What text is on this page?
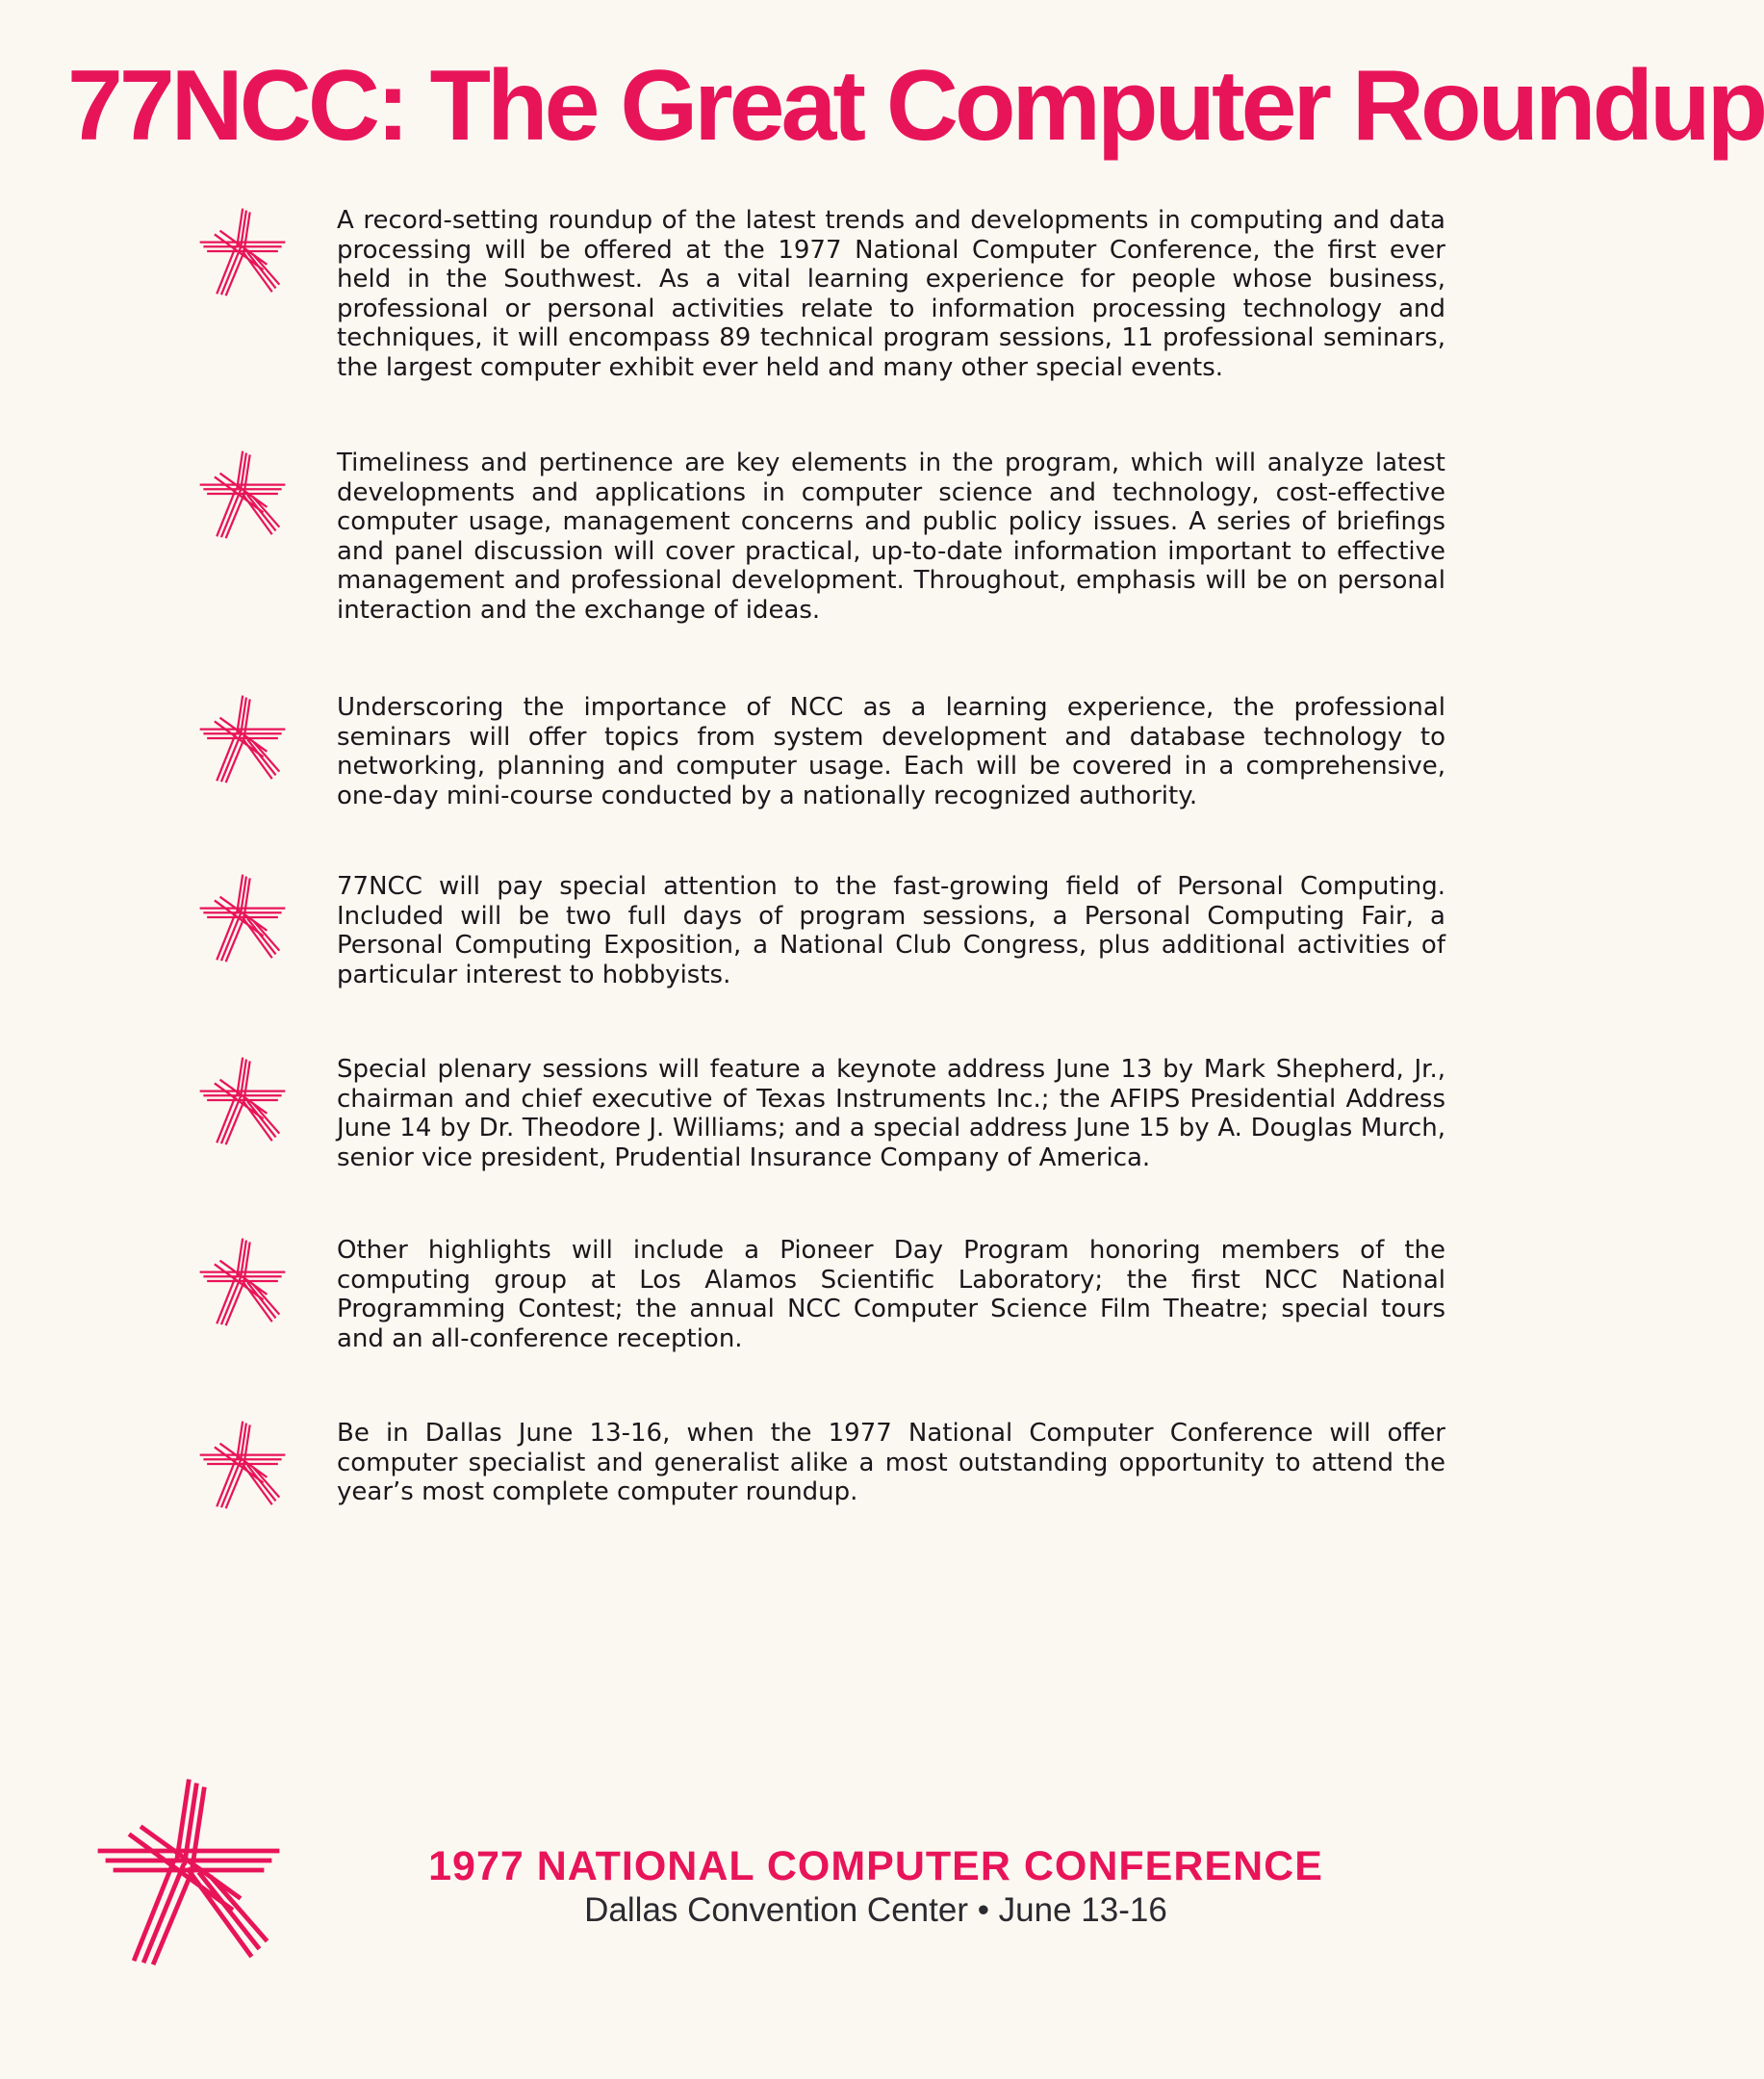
77NCC: The Great Computer Roundup

A record-setting roundup of the latest trends and developments in computing and data processing will be offered at the 1977 National Computer Conference, the first ever held in the Southwest. As a vital learning experience for people whose business, professional or personal activities relate to information processing technology and techniques, it will encompass 89 technical program sessions, 11 professional seminars, the largest computer exhibit ever held and many other special events.

Timeliness and pertinence are key elements in the program, which will analyze latest developments and applications in computer science and technology, cost-effective computer usage, management concerns and public policy issues. A series of briefings and panel discussion will cover practical, up-to-date information important to effective management and professional development. Throughout, emphasis will be on personal interaction and the exchange of ideas.

Underscoring the importance of NCC as a learning experience, the professional seminars will offer topics from system development and database technology to networking, planning and computer usage. Each will be covered in a comprehensive, one-day mini-course conducted by a nationally recognized authority.

77NCC will pay special attention to the fast-growing field of Personal Computing. Included will be two full days of program sessions, a Personal Computing Fair, a Personal Computing Exposition, a National Club Congress, plus additional activities of particular interest to hobbyists.

Special plenary sessions will feature a keynote address June 13 by Mark Shepherd, Jr., chairman and chief executive of Texas Instruments Inc.; the AFIPS Presidential Address June 14 by Dr. Theodore J. Williams; and a special address June 15 by A. Douglas Murch, senior vice president, Prudential Insurance Company of America.

Other highlights will include a Pioneer Day Program honoring members of the computing group at Los Alamos Scientific Laboratory; the first NCC National Programming Contest; the annual NCC Computer Science Film Theatre; special tours and an all-conference reception.

Be in Dallas June 13-16, when the 1977 National Computer Conference will offer computer specialist and generalist alike a most outstanding opportunity to attend the year’s most complete computer roundup.

1977 NATIONAL COMPUTER CONFERENCE
Dallas Convention Center • June 13-16
